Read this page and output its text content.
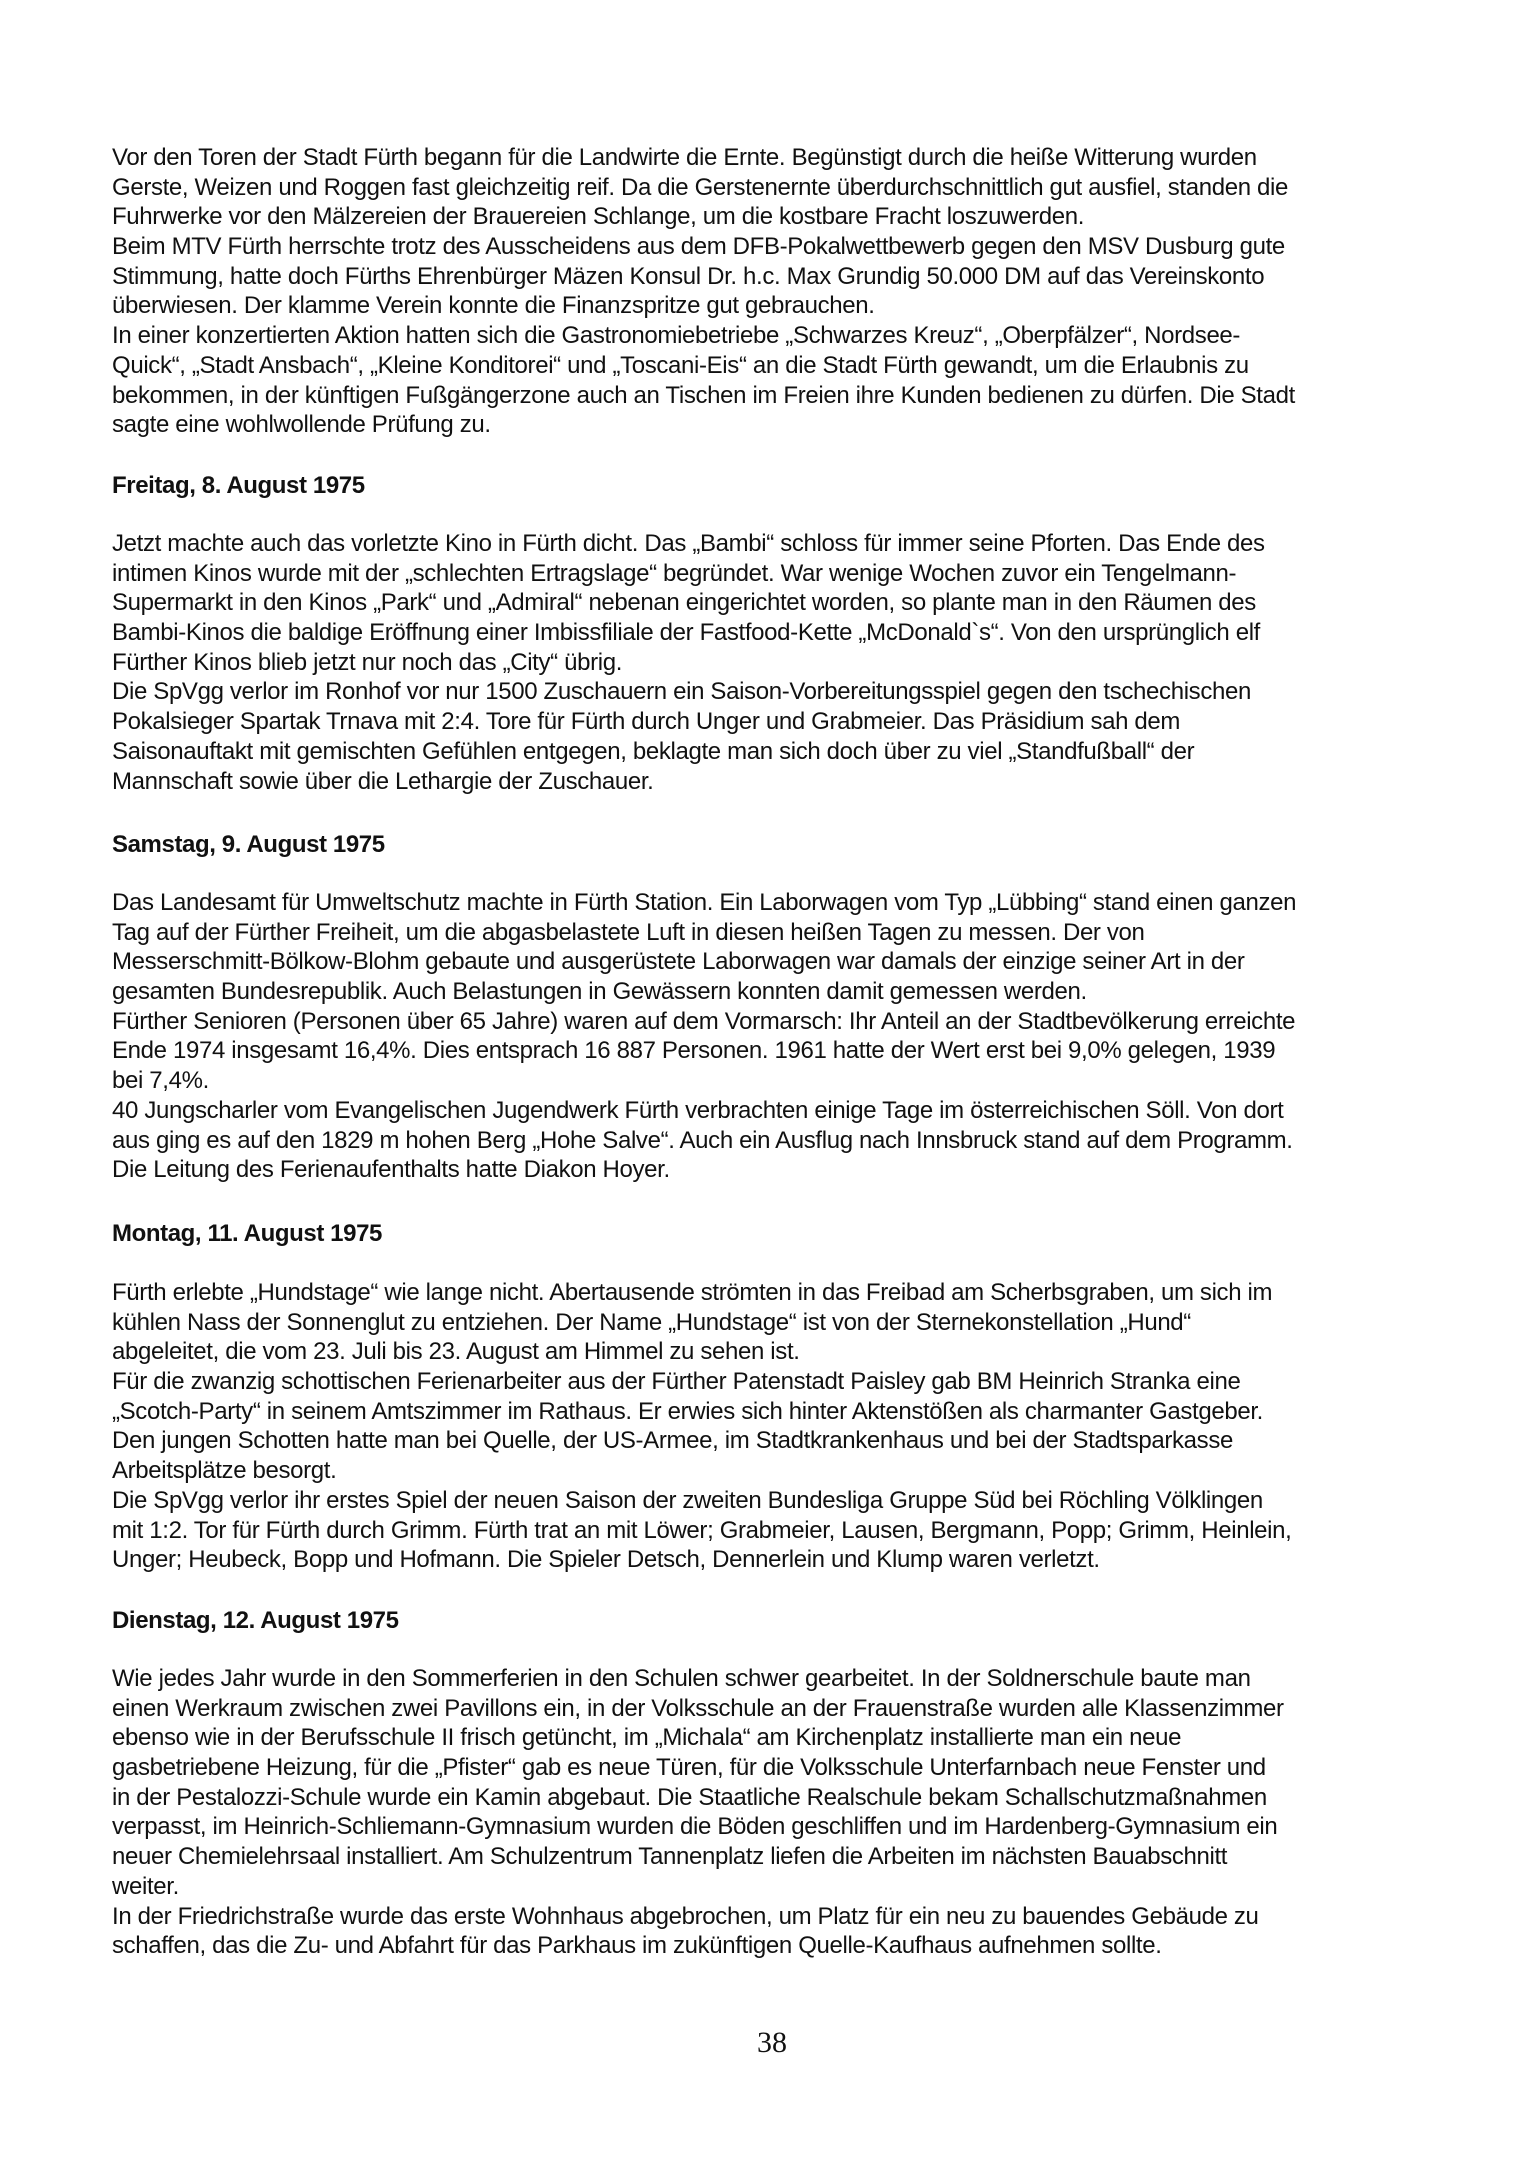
Vor den Toren der Stadt Fürth begann für die Landwirte die Ernte. Begünstigt durch die heiße Witterung wurden
Gerste, Weizen und Roggen fast gleichzeitig reif. Da die Gerstenernte überdurchschnittlich gut ausfiel, standen die
Fuhrwerke vor den Mälzereien der Brauereien Schlange, um die kostbare Fracht loszuwerden.
Beim MTV Fürth herrschte trotz des Ausscheidens aus dem DFB-Pokalwettbewerb gegen den MSV Dusburg gute
Stimmung, hatte doch Fürths Ehrenbürger Mäzen Konsul Dr. h.c. Max Grundig 50.000 DM auf das Vereinskonto
überwiesen. Der klamme Verein konnte die Finanzspritze gut gebrauchen.
In einer konzertierten Aktion hatten sich die Gastronomiebetriebe „Schwarzes Kreuz“, „Oberpfälzer“, Nordsee-
Quick“, „Stadt Ansbach“, „Kleine Konditorei“ und „Toscani-Eis“ an die Stadt Fürth gewandt, um die Erlaubnis zu
bekommen, in der künftigen Fußgängerzone auch an Tischen im Freien ihre Kunden bedienen zu dürfen. Die Stadt
sagte eine wohlwollende Prüfung zu.
Freitag, 8. August 1975
Jetzt machte auch das vorletzte Kino in Fürth dicht. Das „Bambi“ schloss für immer seine Pforten. Das Ende des
intimen Kinos wurde mit der „schlechten Ertragslage“ begründet. War wenige Wochen zuvor ein Tengelmann-
Supermarkt in den Kinos „Park“ und „Admiral“ nebenan eingerichtet worden, so plante man in den Räumen des
Bambi-Kinos die baldige Eröffnung einer Imbissfiliale der Fastfood-Kette „McDonald`s“. Von den ursprünglich elf
Fürther Kinos blieb jetzt nur noch das „City“ übrig.
Die SpVgg verlor im Ronhof vor nur 1500 Zuschauern ein Saison-Vorbereitungsspiel gegen den tschechischen
Pokalsieger Spartak Trnava mit 2:4. Tore für Fürth durch Unger und Grabmeier. Das Präsidium sah dem
Saisonauftakt mit gemischten Gefühlen entgegen, beklagte man sich doch über zu viel „Standfußball“ der
Mannschaft sowie über die Lethargie der Zuschauer.
Samstag, 9. August 1975
Das Landesamt für Umweltschutz machte in Fürth Station. Ein Laborwagen vom Typ „Lübbing“ stand einen ganzen
Tag auf der Fürther Freiheit, um die abgasbelastete Luft in diesen heißen Tagen zu messen. Der von
Messerschmitt-Bölkow-Blohm gebaute und ausgerüstete Laborwagen war damals der einzige seiner Art in der
gesamten Bundesrepublik. Auch Belastungen in Gewässern konnten damit gemessen werden.
Fürther Senioren (Personen über 65 Jahre) waren auf dem Vormarsch: Ihr Anteil an der Stadtbevölkerung erreichte
Ende 1974 insgesamt 16,4%. Dies entsprach 16 887 Personen. 1961 hatte der Wert erst bei 9,0% gelegen, 1939
bei 7,4%.
40 Jungscharler vom Evangelischen Jugendwerk Fürth verbrachten einige Tage im österreichischen Söll. Von dort
aus ging es auf den 1829 m hohen Berg „Hohe Salve“. Auch ein Ausflug nach Innsbruck stand auf dem Programm.
Die Leitung des Ferienaufenthalts hatte Diakon Hoyer.
Montag, 11. August 1975
Fürth erlebte „Hundstage“ wie lange nicht. Abertausende strömten in das Freibad am Scherbsgraben, um sich im
kühlen Nass der Sonnenglut zu entziehen. Der Name „Hundstage“ ist von der Sternekonstellation „Hund“
abgeleitet, die vom 23. Juli bis 23. August am Himmel zu sehen ist.
Für die zwanzig schottischen Ferienarbeiter aus der Fürther Patenstadt Paisley gab BM Heinrich Stranka eine
„Scotch-Party“ in seinem Amtszimmer im Rathaus. Er erwies sich hinter Aktenstößen als charmanter Gastgeber.
Den jungen Schotten hatte man bei Quelle, der US-Armee, im Stadtkrankenhaus und bei der Stadtsparkasse
Arbeitsplätze besorgt.
Die SpVgg verlor ihr erstes Spiel der neuen Saison der zweiten Bundesliga Gruppe Süd bei Röchling Völklingen
mit 1:2. Tor für Fürth durch Grimm. Fürth trat an mit Löwer; Grabmeier, Lausen, Bergmann, Popp; Grimm, Heinlein,
Unger; Heubeck, Bopp und Hofmann. Die Spieler Detsch, Dennerlein und Klump waren verletzt.
Dienstag, 12. August 1975
Wie jedes Jahr wurde in den Sommerferien in den Schulen schwer gearbeitet. In der Soldnerschule baute man
einen Werkraum zwischen zwei Pavillons ein, in der Volksschule an der Frauenstraße wurden alle Klassenzimmer
ebenso wie in der Berufsschule II frisch getüncht, im „Michala“ am Kirchenplatz installierte man ein neue
gasbetriebene Heizung, für die „Pfister“ gab es neue Türen, für die Volksschule Unterfarnbach neue Fenster und
in der Pestalozzi-Schule wurde ein Kamin abgebaut. Die Staatliche Realschule bekam Schallschutzmaßnahmen
verpasst, im Heinrich-Schliemann-Gymnasium wurden die Böden geschliffen und im Hardenberg-Gymnasium ein
neuer Chemielehrsaal installiert. Am Schulzentrum Tannenplatz liefen die Arbeiten im nächsten Bauabschnitt
weiter.
In der Friedrichstraße wurde das erste Wohnhaus abgebrochen, um Platz für ein neu zu bauendes Gebäude zu
schaffen, das die Zu- und Abfahrt für das Parkhaus im zukünftigen Quelle-Kaufhaus aufnehmen sollte.
38
